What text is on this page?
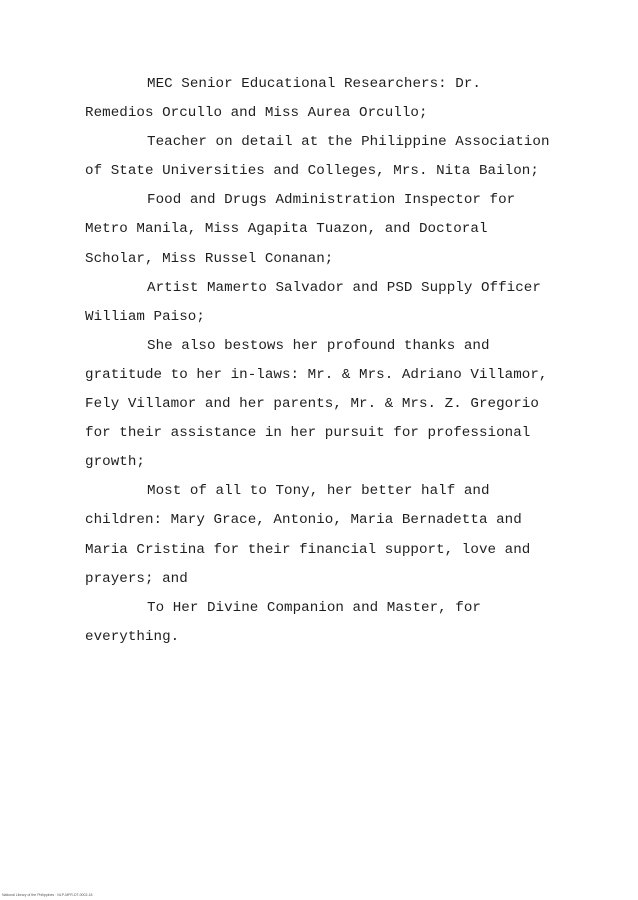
MEC Senior Educational Researchers: Dr.
Remedios Orcullo and Miss Aurea Orcullo;
Teacher on detail at the Philippine Association
of State Universities and Colleges, Mrs. Nita Bailon;
Food and Drugs Administration Inspector for
Metro Manila, Miss Agapita Tuazon, and Doctoral
Scholar, Miss Russel Conanan;
Artist Mamerto Salvador and PSD Supply Officer
William Paiso;
She also bestows her profound thanks and
gratitude to her in-laws: Mr. & Mrs. Adriano Villamor,
Fely Villamor and her parents, Mr. & Mrs. Z. Gregorio
for their assistance in her pursuit for professional
growth;
Most of all to Tony, her better half and
children: Mary Grace, Antonio, Maria Bernadetta and
Maria Cristina for their financial support, love and
prayers; and
To Her Divine Companion and Master, for
everything.
National Library of the Philippines · NLP-MFR-DT-0002-18
